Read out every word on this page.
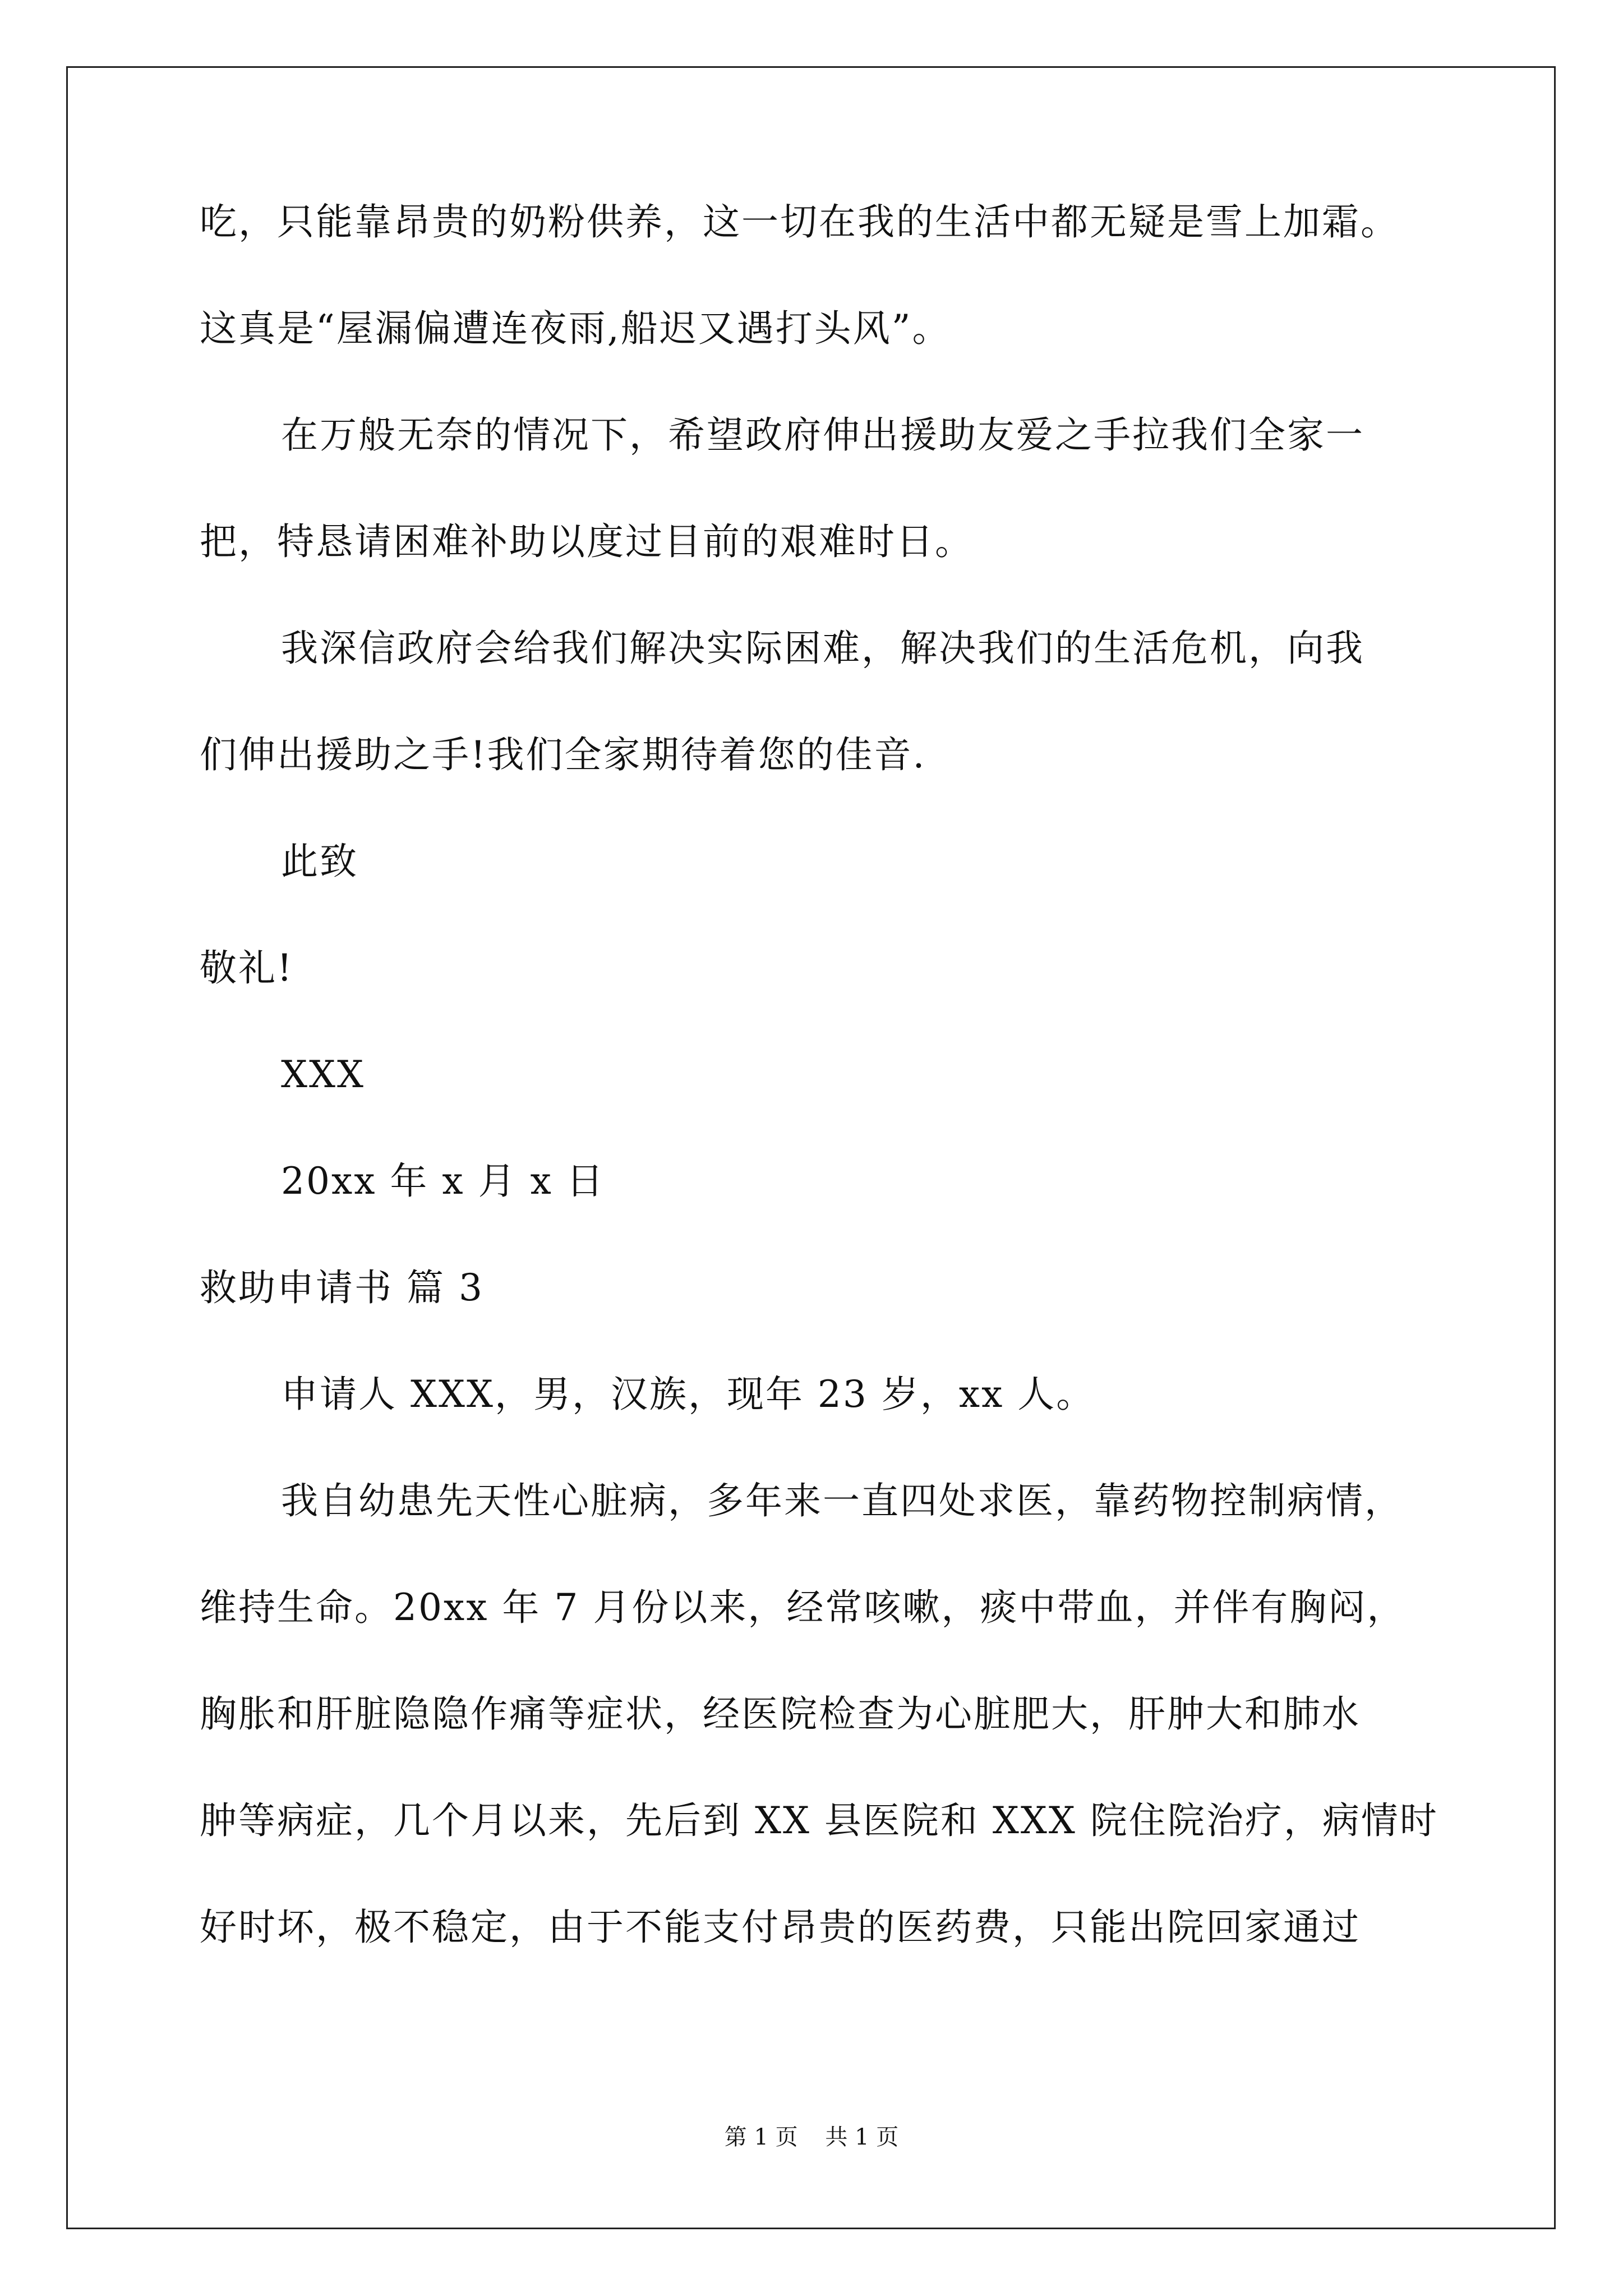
吃，只能靠昂贵的奶粉供养，这一切在我的生活中都无疑是雪上加霜。
这真是“屋漏偏遭连夜雨,船迟又遇打头风”。
在万般无奈的情况下，希望政府伸出援助友爱之手拉我们全家一
把，特恳请困难补助以度过目前的艰难时日。
我深信政府会给我们解决实际困难，解决我们的生活危机，向我
们伸出援助之手!我们全家期待着您的佳音.
此致
敬礼!
XXX
20xx 年 x 月 x 日
救助申请书 篇 3
申请人 XXX，男，汉族，现年 23 岁，xx 人。
我自幼患先天性心脏病，多年来一直四处求医，靠药物控制病情，
维持生命。20xx 年 7 月份以来，经常咳嗽，痰中带血，并伴有胸闷，
胸胀和肝脏隐隐作痛等症状，经医院检查为心脏肥大，肝肿大和肺水
肿等病症，几个月以来，先后到 XX 县医院和 XXX 院住院治疗，病情时
好时坏，极不稳定，由于不能支付昂贵的医药费，只能出院回家通过
第 1 页 共 1 页
